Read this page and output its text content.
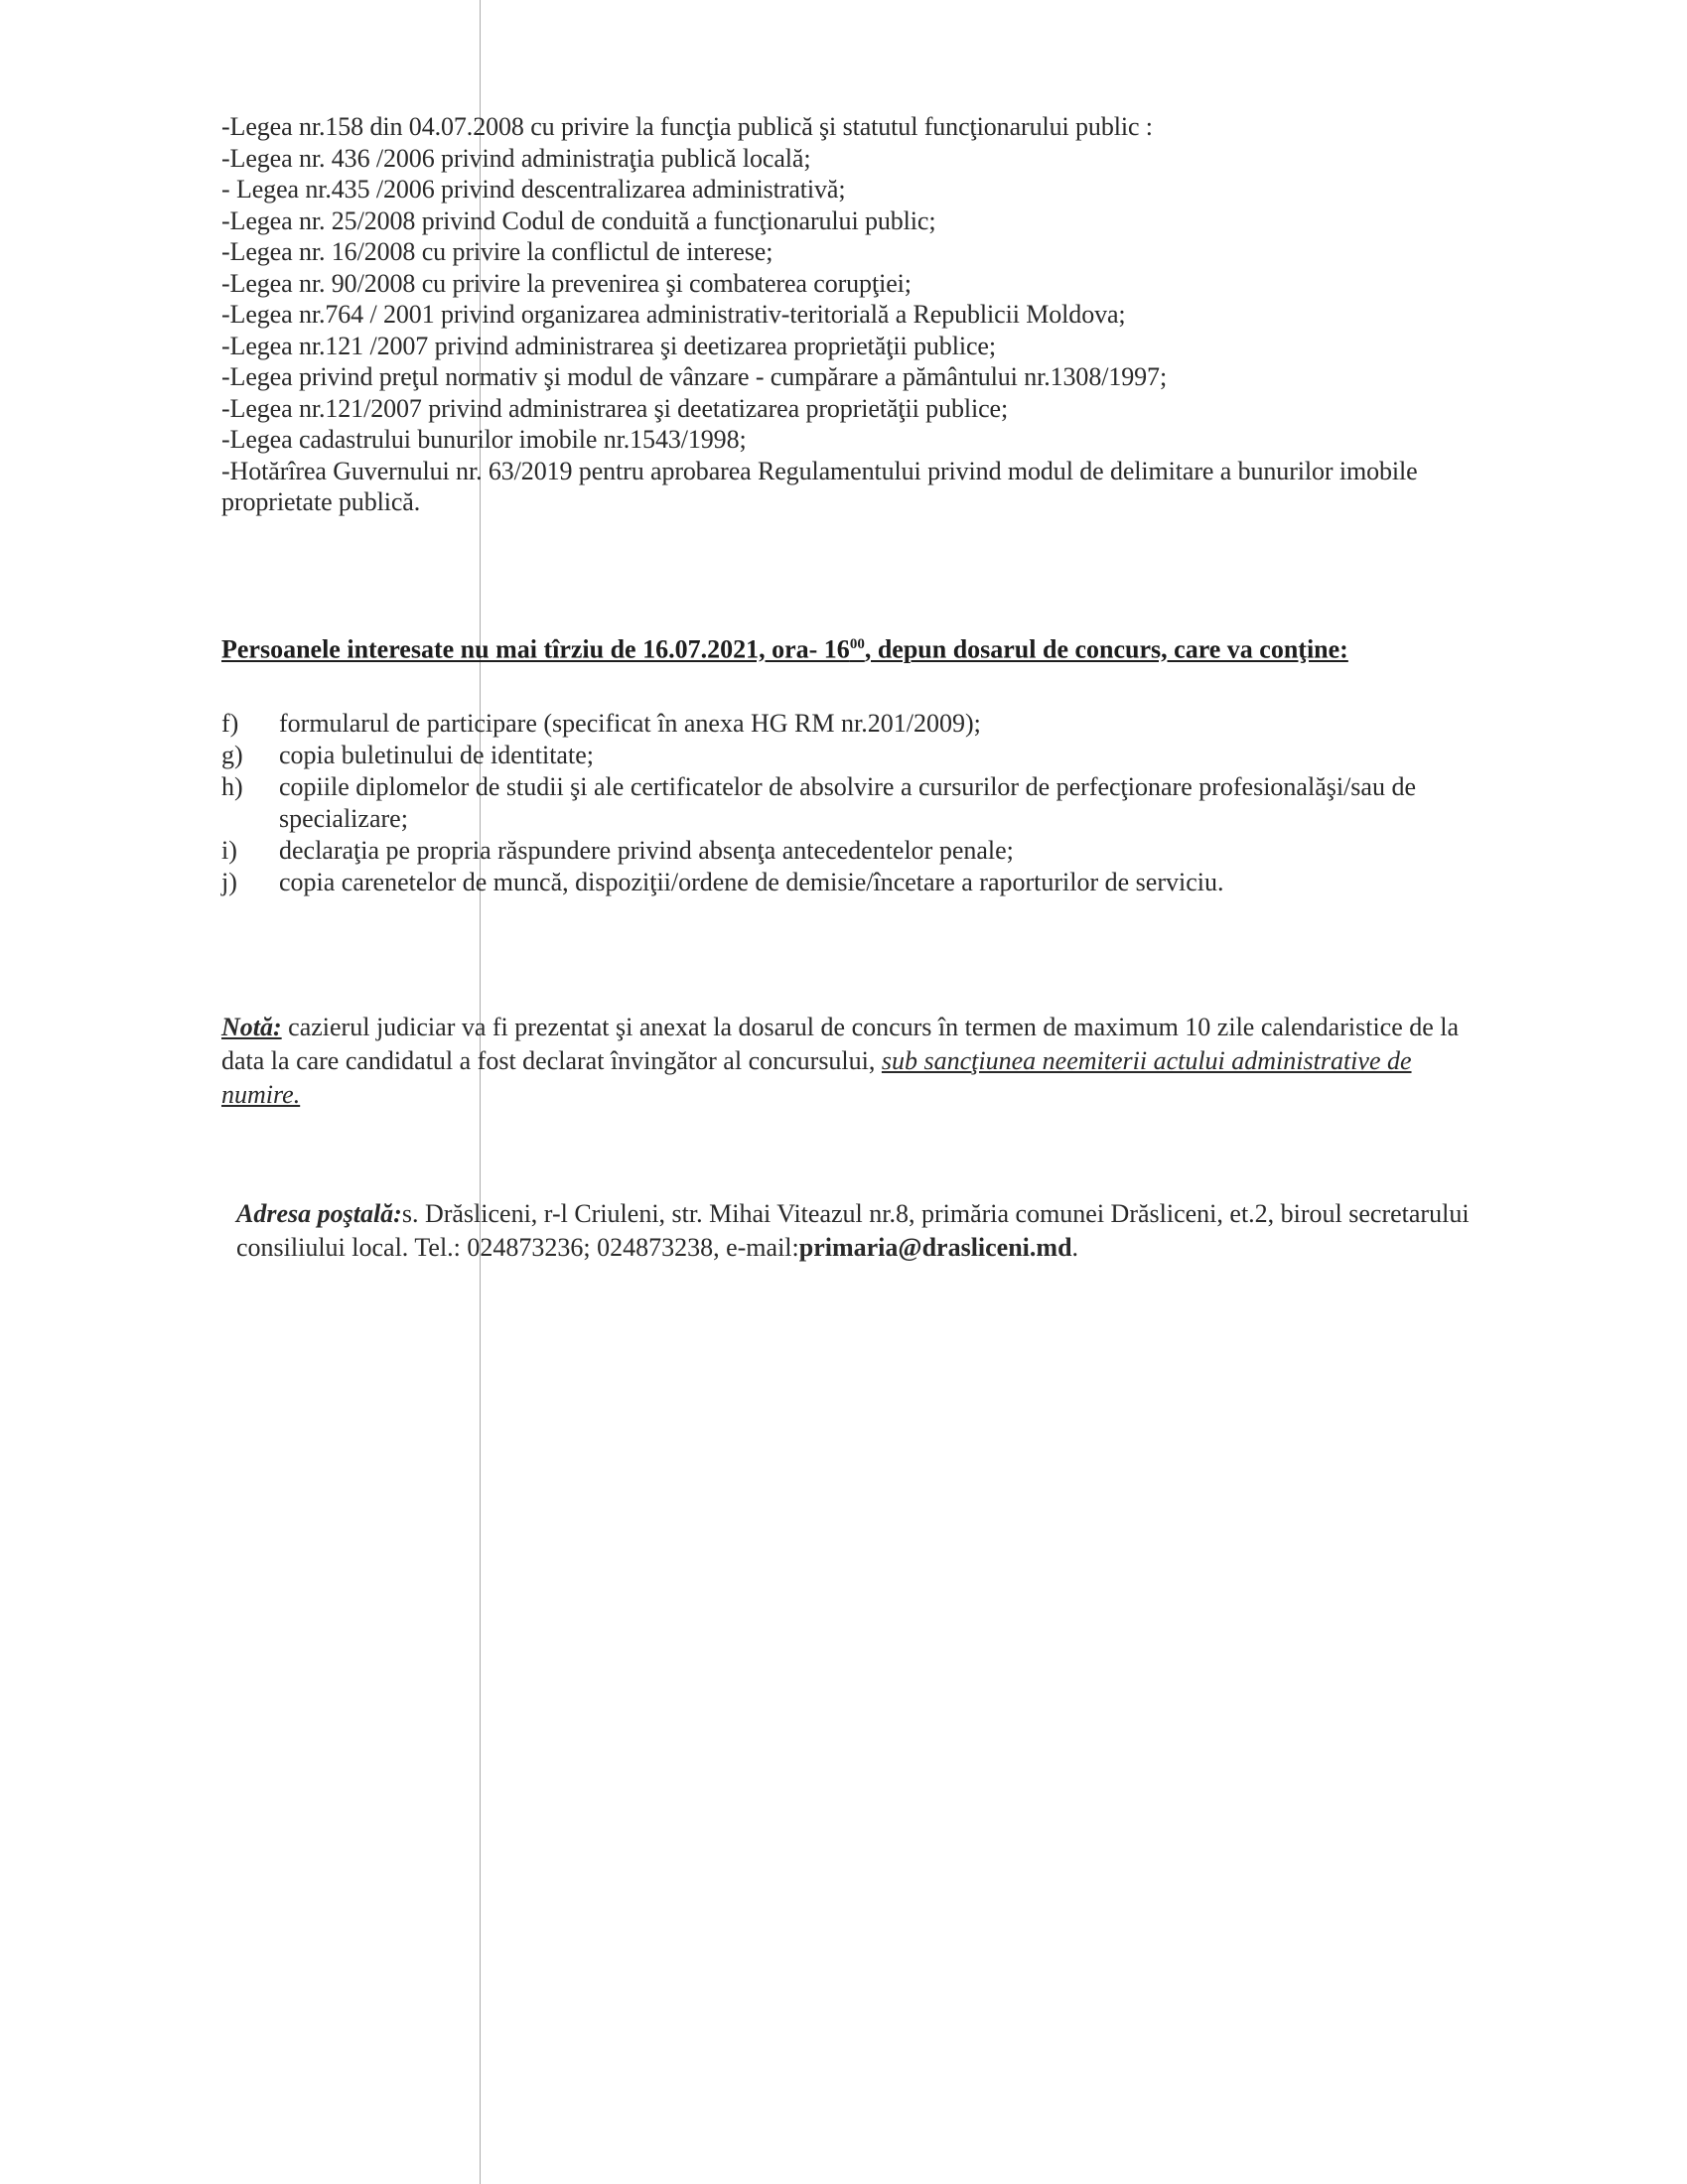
-Legea nr.158 din 04.07.2008 cu privire la funcţia publică şi statutul funcţionarului public :
-Legea nr. 436 /2006 privind administraţia publică locală;
- Legea nr.435 /2006 privind descentralizarea administrativă;
-Legea nr. 25/2008 privind Codul de conduită a funcţionarului public;
-Legea nr. 16/2008 cu privire la conflictul de interese;
-Legea nr. 90/2008 cu privire la prevenirea şi combaterea corupţiei;
-Legea nr.764 / 2001 privind organizarea administrativ-teritorială a Republicii Moldova;
-Legea nr.121 /2007 privind administrarea şi deetizarea proprietăţii publice;
-Legea privind preţul normativ şi modul de vânzare - cumpărare a pământului nr.1308/1997;
-Legea nr.121/2007 privind administrarea şi deetatizarea proprietăţii publice;
-Legea cadastrului bunurilor imobile nr.1543/1998;
-Hotărîrea Guvernului nr. 63/2019 pentru aprobarea Regulamentului privind modul de delimitare a bunurilor imobile proprietate publică.
Persoanele interesate nu mai tîrziu de 16.07.2021, ora- $16^{00}$, depun dosarul de concurs, care va conţine:
f)	formularul de participare (specificat în anexa HG RM nr.201/2009);
g)	copia buletinului de identitate;
h)	copiile diplomelor de studii şi ale certificatelor de absolvire a cursurilor de perfecţionare profesionalăşi/sau de specializare;
i)	declaraţia pe propria răspundere privind absenţa antecedentelor penale;
j)	copia carenetelor de muncă, dispoziţii/ordene de demisie/încetare a raporturilor de serviciu.
Notă: cazierul judiciar va fi prezentat şi anexat la dosarul de concurs în termen de maximum 10 zile calendaristice de la data la care candidatul a fost declarat învingător al concursului, sub sancţiunea neemiterii actului administrative de numire.
Adresa poştală:s. Drăsliceni, r-l Criuleni, str. Mihai Viteazul nr.8, primăria comunei Drăsliceni, et.2, biroul secretarului consiliului local. Tel.: 024873236; 024873238, e-mail:primaria@drasliceni.md.
